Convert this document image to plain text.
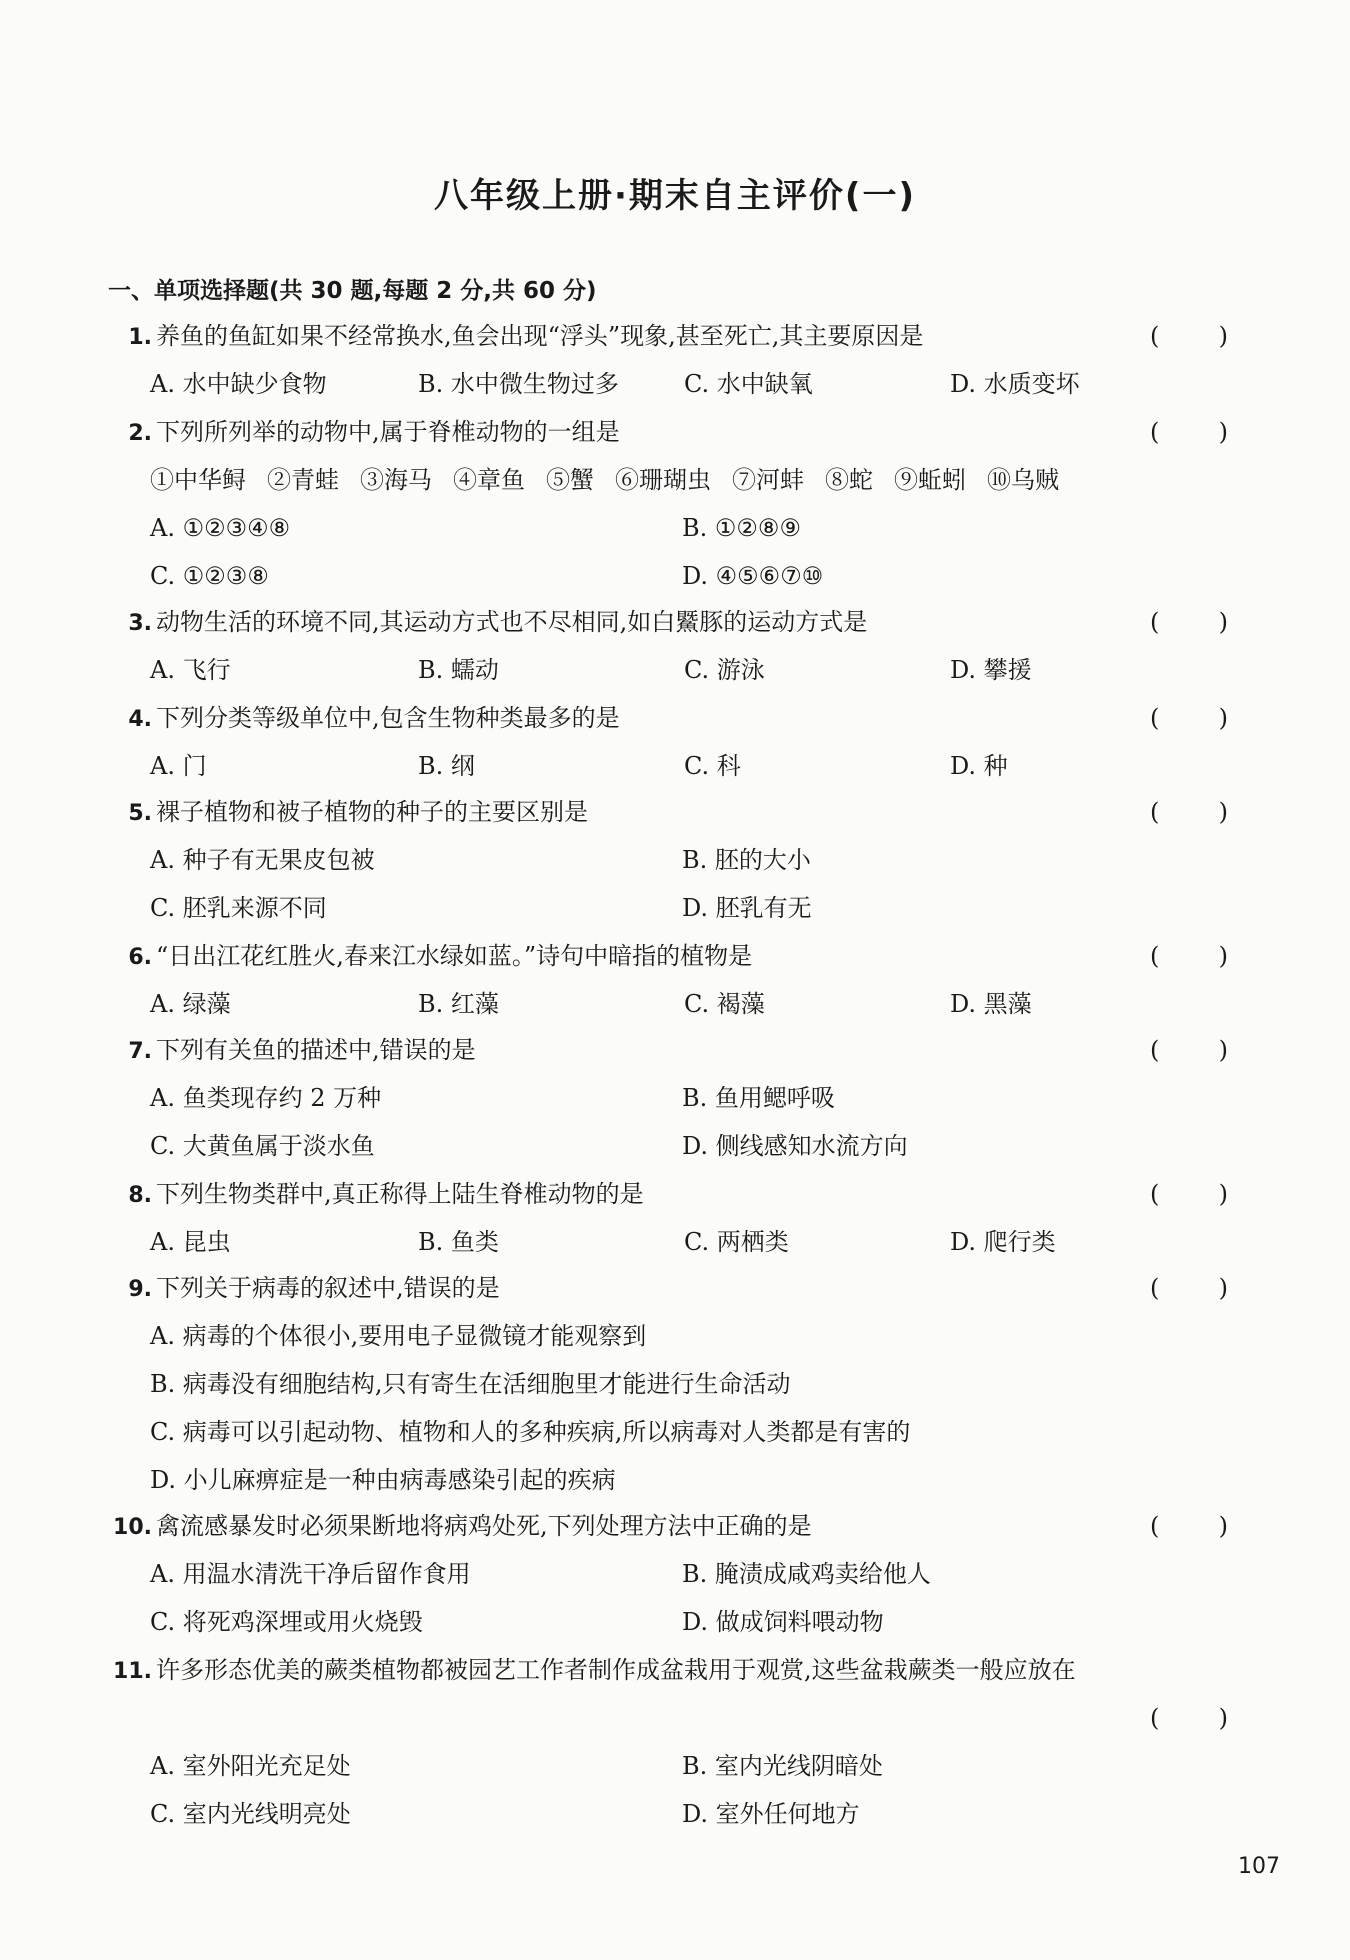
八年级上册·期末自主评价(一)
一、单项选择题(共 30 题,每题 2 分,共 60 分)
1. 养鱼的鱼缸如果不经常换水,鱼会出现“浮头”现象,甚至死亡,其主要原因是	( )
A. 水中缺少食物	B. 水中微生物过多	C. 水中缺氧	D. 水质变坏
2. 下列所列举的动物中,属于脊椎动物的一组是	( )
①中华鲟 ②青蛙 ③海马 ④章鱼 ⑤蟹 ⑥珊瑚虫 ⑦河蚌 ⑧蛇 ⑨蚯蚓 ⑩乌贼
A. ①②③④⑧	B. ①②⑧⑨
C. ①②③⑧	D. ④⑤⑥⑦⑩
3. 动物生活的环境不同,其运动方式也不尽相同,如白鱀豚的运动方式是	( )
A. 飞行	B. 蠕动	C. 游泳	D. 攀援
4. 下列分类等级单位中,包含生物种类最多的是	( )
A. 门	B. 纲	C. 科	D. 种
5. 裸子植物和被子植物的种子的主要区别是	( )
A. 种子有无果皮包被	B. 胚的大小
C. 胚乳来源不同	D. 胚乳有无
6. “日出江花红胜火,春来江水绿如蓝。”诗句中暗指的植物是	( )
A. 绿藻	B. 红藻	C. 褐藻	D. 黑藻
7. 下列有关鱼的描述中,错误的是	( )
A. 鱼类现存约 2 万种	B. 鱼用鳃呼吸
C. 大黄鱼属于淡水鱼	D. 侧线感知水流方向
8. 下列生物类群中,真正称得上陆生脊椎动物的是	( )
A. 昆虫	B. 鱼类	C. 两栖类	D. 爬行类
9. 下列关于病毒的叙述中,错误的是	( )
A. 病毒的个体很小,要用电子显微镜才能观察到
B. 病毒没有细胞结构,只有寄生在活细胞里才能进行生命活动
C. 病毒可以引起动物、植物和人的多种疾病,所以病毒对人类都是有害的
D. 小儿麻痹症是一种由病毒感染引起的疾病
10. 禽流感暴发时必须果断地将病鸡处死,下列处理方法中正确的是	( )
A. 用温水清洗干净后留作食用	B. 腌渍成咸鸡卖给他人
C. 将死鸡深埋或用火烧毁	D. 做成饲料喂动物
11. 许多形态优美的蕨类植物都被园艺工作者制作成盆栽用于观赏,这些盆栽蕨类一般应放在
( )
A. 室外阳光充足处	B. 室内光线阴暗处
C. 室内光线明亮处	D. 室外任何地方
107
